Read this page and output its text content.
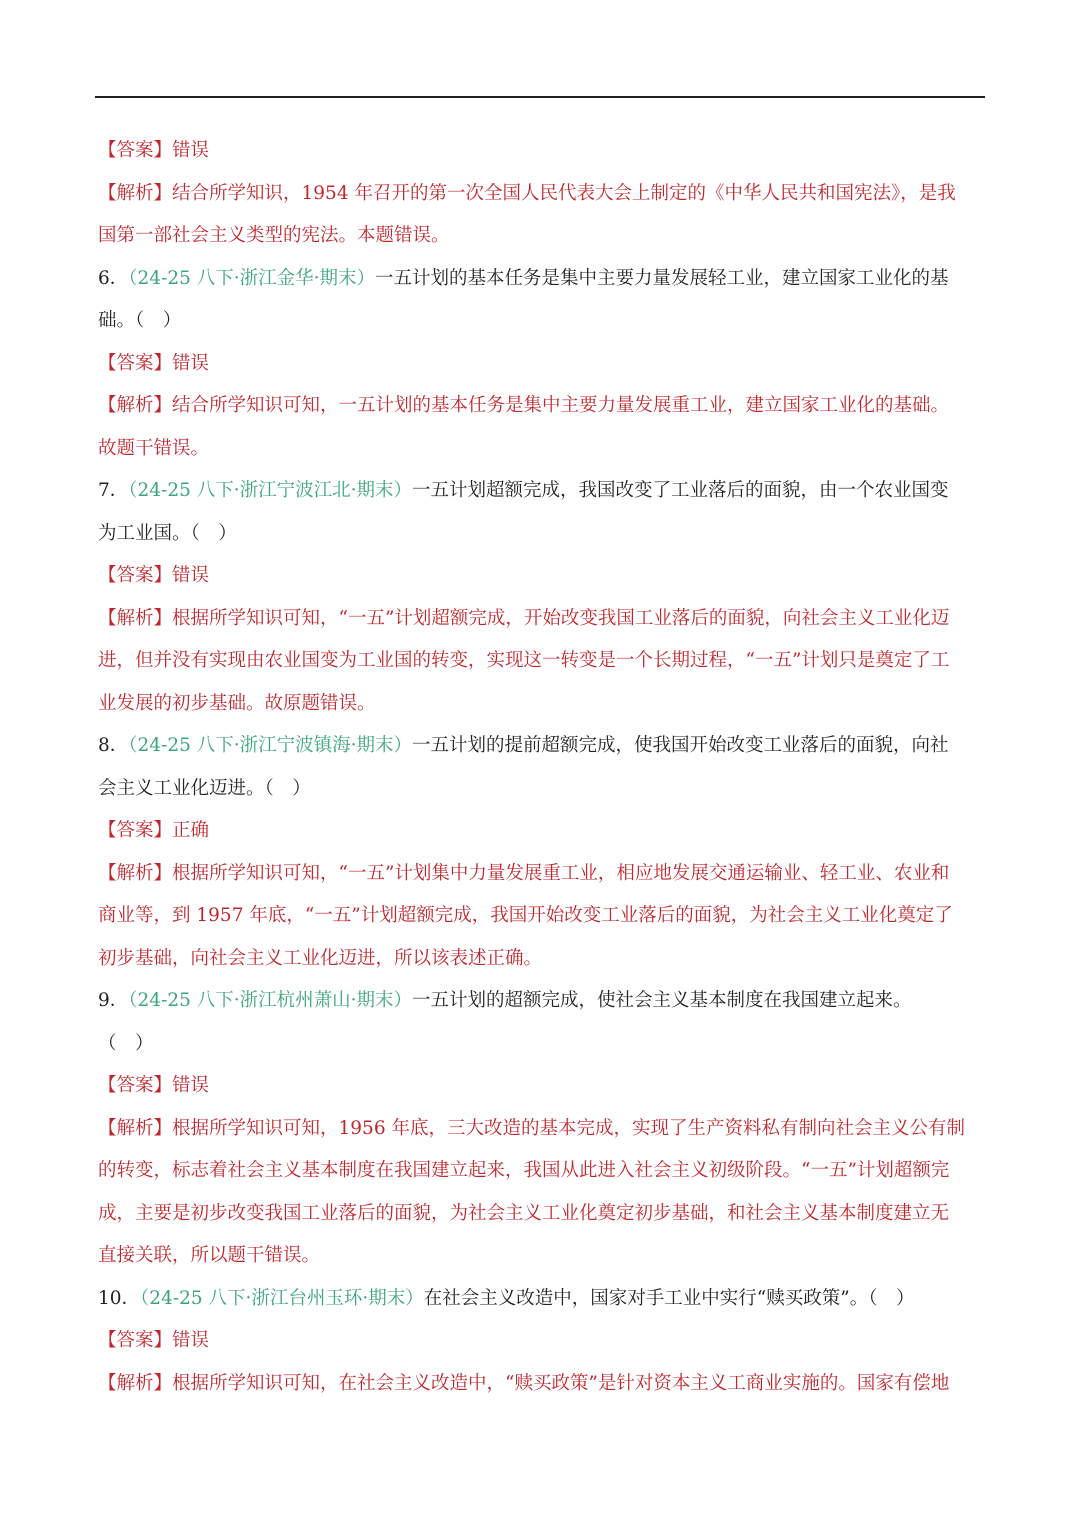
【答案】错误
【解析】结合所学知识，1954 年召开的第一次全国人民代表大会上制定的《中华人民共和国宪法》，是我
国第一部社会主义类型的宪法。本题错误。
6．（24-25 八下·浙江金华·期末）一五计划的基本任务是集中主要力量发展轻工业，建立国家工业化的基
础。（　）
【答案】错误
【解析】结合所学知识可知，一五计划的基本任务是集中主要力量发展重工业，建立国家工业化的基础。
故题干错误。
7．（24-25 八下·浙江宁波江北·期末）一五计划超额完成，我国改变了工业落后的面貌，由一个农业国变
为工业国。（　）
【答案】错误
【解析】根据所学知识可知，“一五”计划超额完成，开始改变我国工业落后的面貌，向社会主义工业化迈
进，但并没有实现由农业国变为工业国的转变，实现这一转变是一个长期过程，“一五”计划只是奠定了工
业发展的初步基础。故原题错误。
8．（24-25 八下·浙江宁波镇海·期末）一五计划的提前超额完成，使我国开始改变工业落后的面貌，向社
会主义工业化迈进。（　）
【答案】正确
【解析】根据所学知识可知，“一五”计划集中力量发展重工业，相应地发展交通运输业、轻工业、农业和
商业等，到 1957 年底，“一五”计划超额完成，我国开始改变工业落后的面貌，为社会主义工业化奠定了
初步基础，向社会主义工业化迈进，所以该表述正确。
9．（24-25 八下·浙江杭州萧山·期末）一五计划的超额完成，使社会主义基本制度在我国建立起来。
（　）
【答案】错误
【解析】根据所学知识可知，1956 年底，三大改造的基本完成，实现了生产资料私有制向社会主义公有制
的转变，标志着社会主义基本制度在我国建立起来，我国从此进入社会主义初级阶段。“一五”计划超额完
成，主要是初步改变我国工业落后的面貌，为社会主义工业化奠定初步基础，和社会主义基本制度建立无
直接关联，所以题干错误。
10．（24-25 八下·浙江台州玉环·期末）在社会主义改造中，国家对手工业中实行“赎买政策”。（　）
【答案】错误
【解析】根据所学知识可知，在社会主义改造中，“赎买政策”是针对资本主义工商业实施的。国家有偿地
